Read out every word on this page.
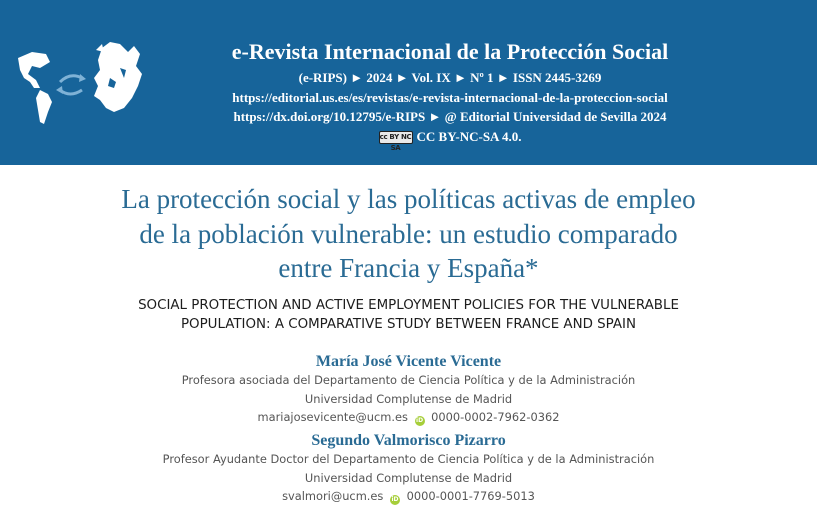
e-Revista Internacional de la Protección Social
(e-RIPS) ► 2024 ► Vol. IX ► Nº 1 ► ISSN 2445-3269
https://editorial.us.es/es/revistas/e-revista-internacional-de-la-proteccion-social
https://dx.doi.org/10.12795/e-RIPS ► @ Editorial Universidad de Sevilla 2024
cc BY NC SACC BY-NC-SA 4.0.
La protección social y las políticas activas de empleo
de la población vulnerable: un estudio comparado
entre Francia y España*
SOCIAL PROTECTION AND ACTIVE EMPLOYMENT POLICIES FOR THE VULNERABLE
POPULATION: A COMPARATIVE STUDY BETWEEN FRANCE AND SPAIN
María José Vicente Vicente
Profesora asociada del Departamento de Ciencia Política y de la Administración
Universidad Complutense de Madrid
mariajosevicente@ucm.es iD 0000-0002-7962-0362
Segundo Valmorisco Pizarro
Profesor Ayudante Doctor del Departamento de Ciencia Política y de la Administración
Universidad Complutense de Madrid
svalmori@ucm.es iD 0000-0001-7769-5013
